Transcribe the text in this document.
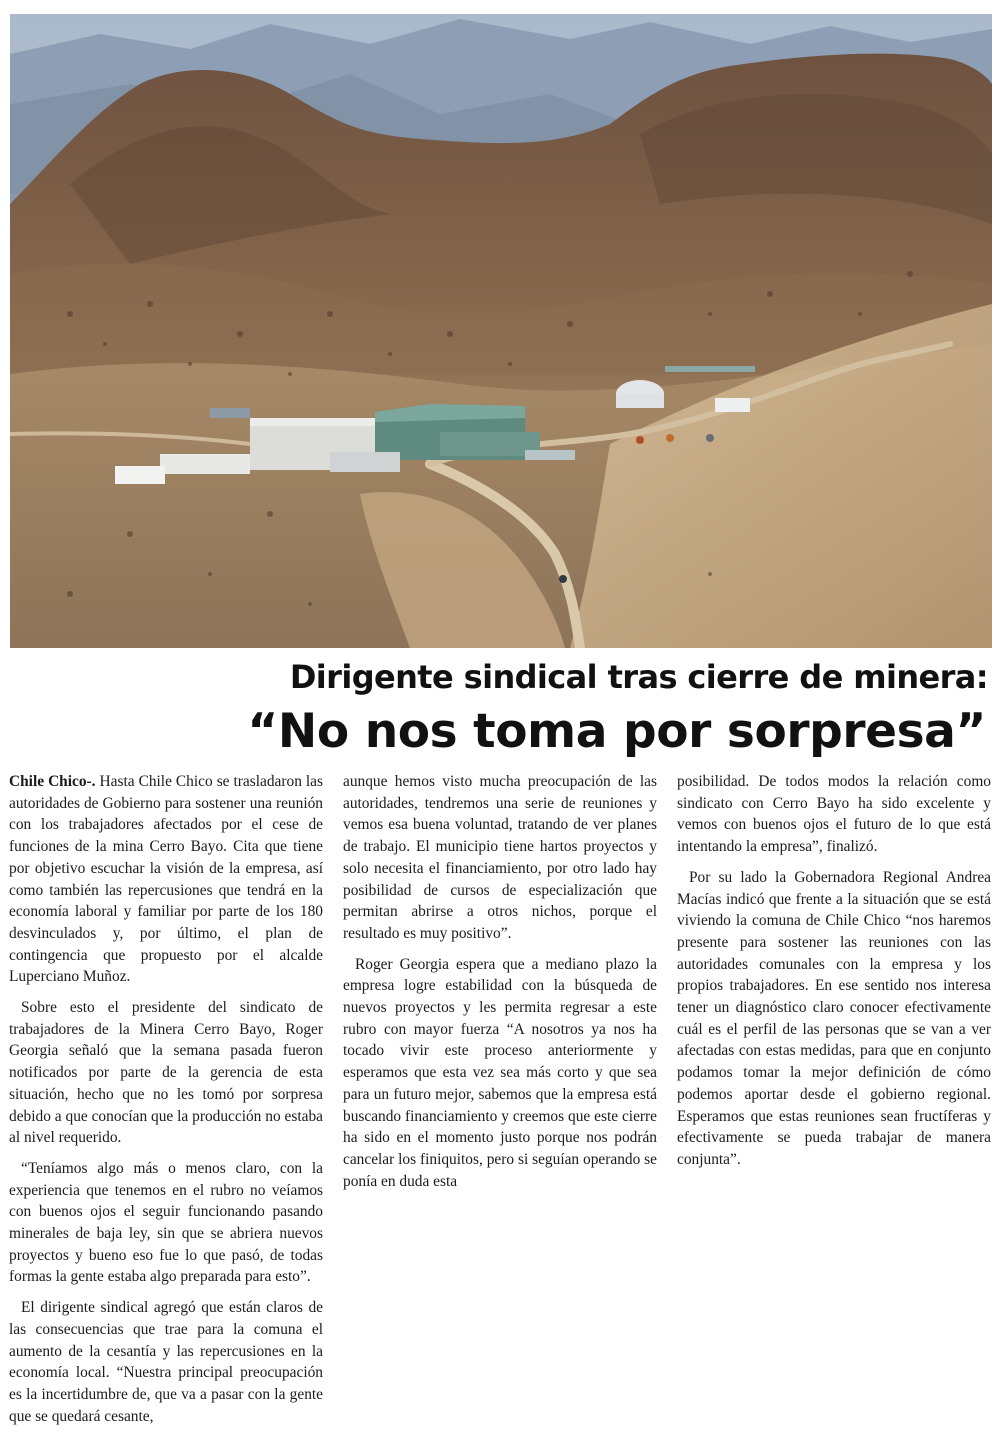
Dirigente sindical tras cierre de minera:
“No nos toma por sorpresa”

Chile Chico-. Hasta Chile Chico se trasladaron las autoridades de Gobierno para sostener una reunión con los trabajadores afectados por el cese de funciones de la mina Cerro Bayo. Cita que tiene por objetivo escuchar la visión de la empresa, así como también las repercusiones que tendrá en la economía laboral y familiar por parte de los 180 desvinculados y, por último, el plan de contingencia que propuesto por el alcalde Luperciano Muñoz.

Sobre esto el presidente del sindicato de trabajadores de la Minera Cerro Bayo, Roger Georgia señaló que la semana pasada fueron notificados por parte de la gerencia de esta situación, hecho que no les tomó por sorpresa debido a que conocían que la producción no estaba al nivel requerido.

“Teníamos algo más o menos claro, con la experiencia que tenemos en el rubro no veíamos con buenos ojos el seguir funcionando pasando minerales de baja ley, sin que se abriera nuevos proyectos y bueno eso fue lo que pasó, de todas formas la gente estaba algo preparada para esto”.

El dirigente sindical agregó que están claros de las consecuencias que trae para la comuna el aumento de la cesantía y las repercusiones en la economía local. “Nuestra principal preocupación es la incertidumbre de, que va a pasar con la gente que se quedará cesante,

aunque hemos visto mucha preocupación de las autoridades, tendremos una serie de reuniones y vemos esa buena voluntad, tratando de ver planes de trabajo. El municipio tiene hartos proyectos y solo necesita el financiamiento, por otro lado hay posibilidad de cursos de especialización que permitan abrirse a otros nichos, porque el resultado es muy positivo”.

Roger Georgia espera que a mediano plazo la empresa logre estabilidad con la búsqueda de nuevos proyectos y les permita regresar a este rubro con mayor fuerza “A nosotros ya nos ha tocado vivir este proceso anteriormente y esperamos que esta vez sea más corto y que sea para un futuro mejor, sabemos que la empresa está buscando financiamiento y creemos que este cierre ha sido en el momento justo porque nos podrán cancelar los finiquitos, pero si seguían operando se ponía en duda esta

posibilidad. De todos modos la relación como sindicato con Cerro Bayo ha sido excelente y vemos con buenos ojos el futuro de lo que está intentando la empresa”, finalizó.

Por su lado la Gobernadora Regional Andrea Macías indicó que frente a la situación que se está viviendo la comuna de Chile Chico “nos haremos presente para sostener las reuniones con las autoridades comunales con la empresa y los propios trabajadores. En ese sentido nos interesa tener un diagnóstico claro conocer efectivamente cuál es el perfil de las personas que se van a ver afectadas con estas medidas, para que en conjunto podamos tomar la mejor definición de cómo podemos aportar desde el gobierno regional. Esperamos que estas reuniones sean fructíferas y efectivamente se pueda trabajar de manera conjunta”.
